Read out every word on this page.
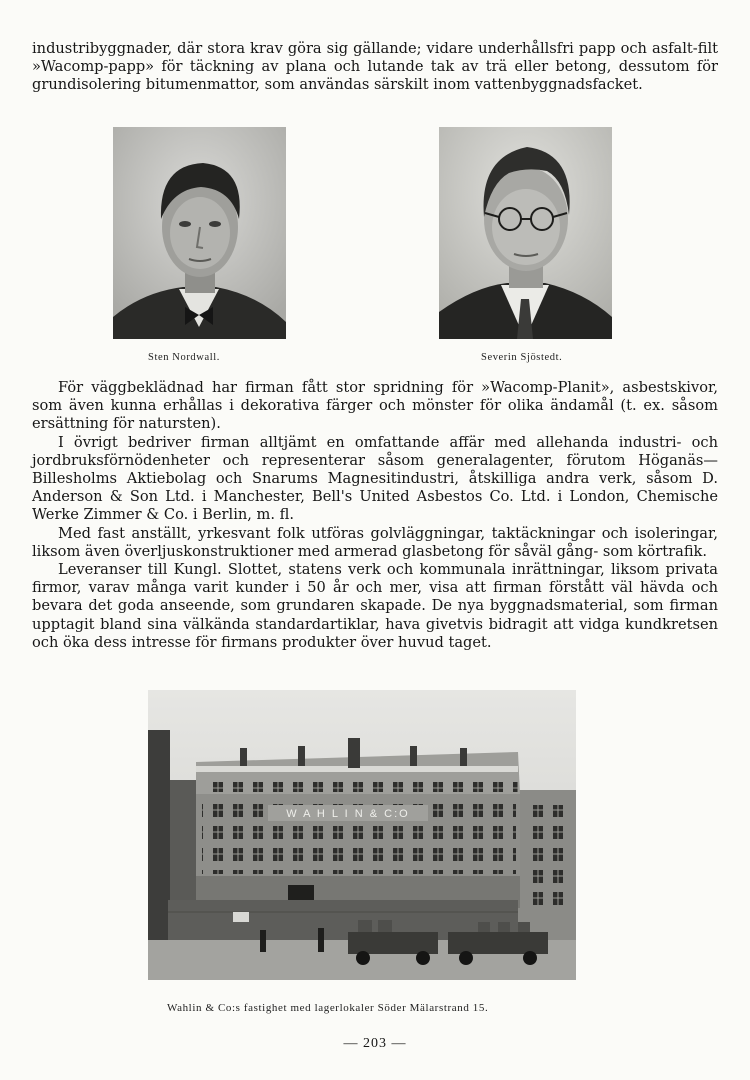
industribyggnader, där stora krav göra sig gällande; vidare underhållsfri papp och asfalt-filt »Wacomp-papp» för täckning av plana och lutande tak av trä eller betong, dessutom för grundisolering bitumenmattor, som användas särskilt inom vattenbyggnadsfacket.

Sten Nordwall.	Severin Sjöstedt.

För väggbeklädnad har firman fått stor spridning för »Wacomp-Planit», asbestskivor, som även kunna erhållas i dekorativa färger och mönster för olika ändamål (t. ex. såsom ersättning för natursten).

I övrigt bedriver firman alltjämt en omfattande affär med allehanda industri- och jordbruksförnödenheter och representerar såsom generalagenter, förutom Höganäs—Billesholms Aktiebolag och Snarums Magnesitindustri, åtskilliga andra verk, såsom D. Anderson & Son Ltd. i Manchester, Bell's United Asbestos Co. Ltd. i London, Chemische Werke Zimmer & Co. i Berlin, m. fl.

Med fast anställt, yrkesvant folk utföras golvläggningar, taktäckningar och isoleringar, liksom även överljuskonstruktioner med armerad glasbetong för såväl gång- som körtrafik.

Leveranser till Kungl. Slottet, statens verk och kommunala inrättningar, liksom privata firmor, varav många varit kunder i 50 år och mer, visa att firman förstått väl hävda och bevara det goda anseende, som grundaren skapade. De nya byggnadsmaterial, som firman upptagit bland sina välkända standardartiklar, hava givetvis bidragit att vidga kundkretsen och öka dess intresse för firmans produkter över huvud taget.

W A H L I N & C:O
Wahlin & Co:s fastighet med lagerlokaler Söder Mälarstrand 15.
— 203 —
